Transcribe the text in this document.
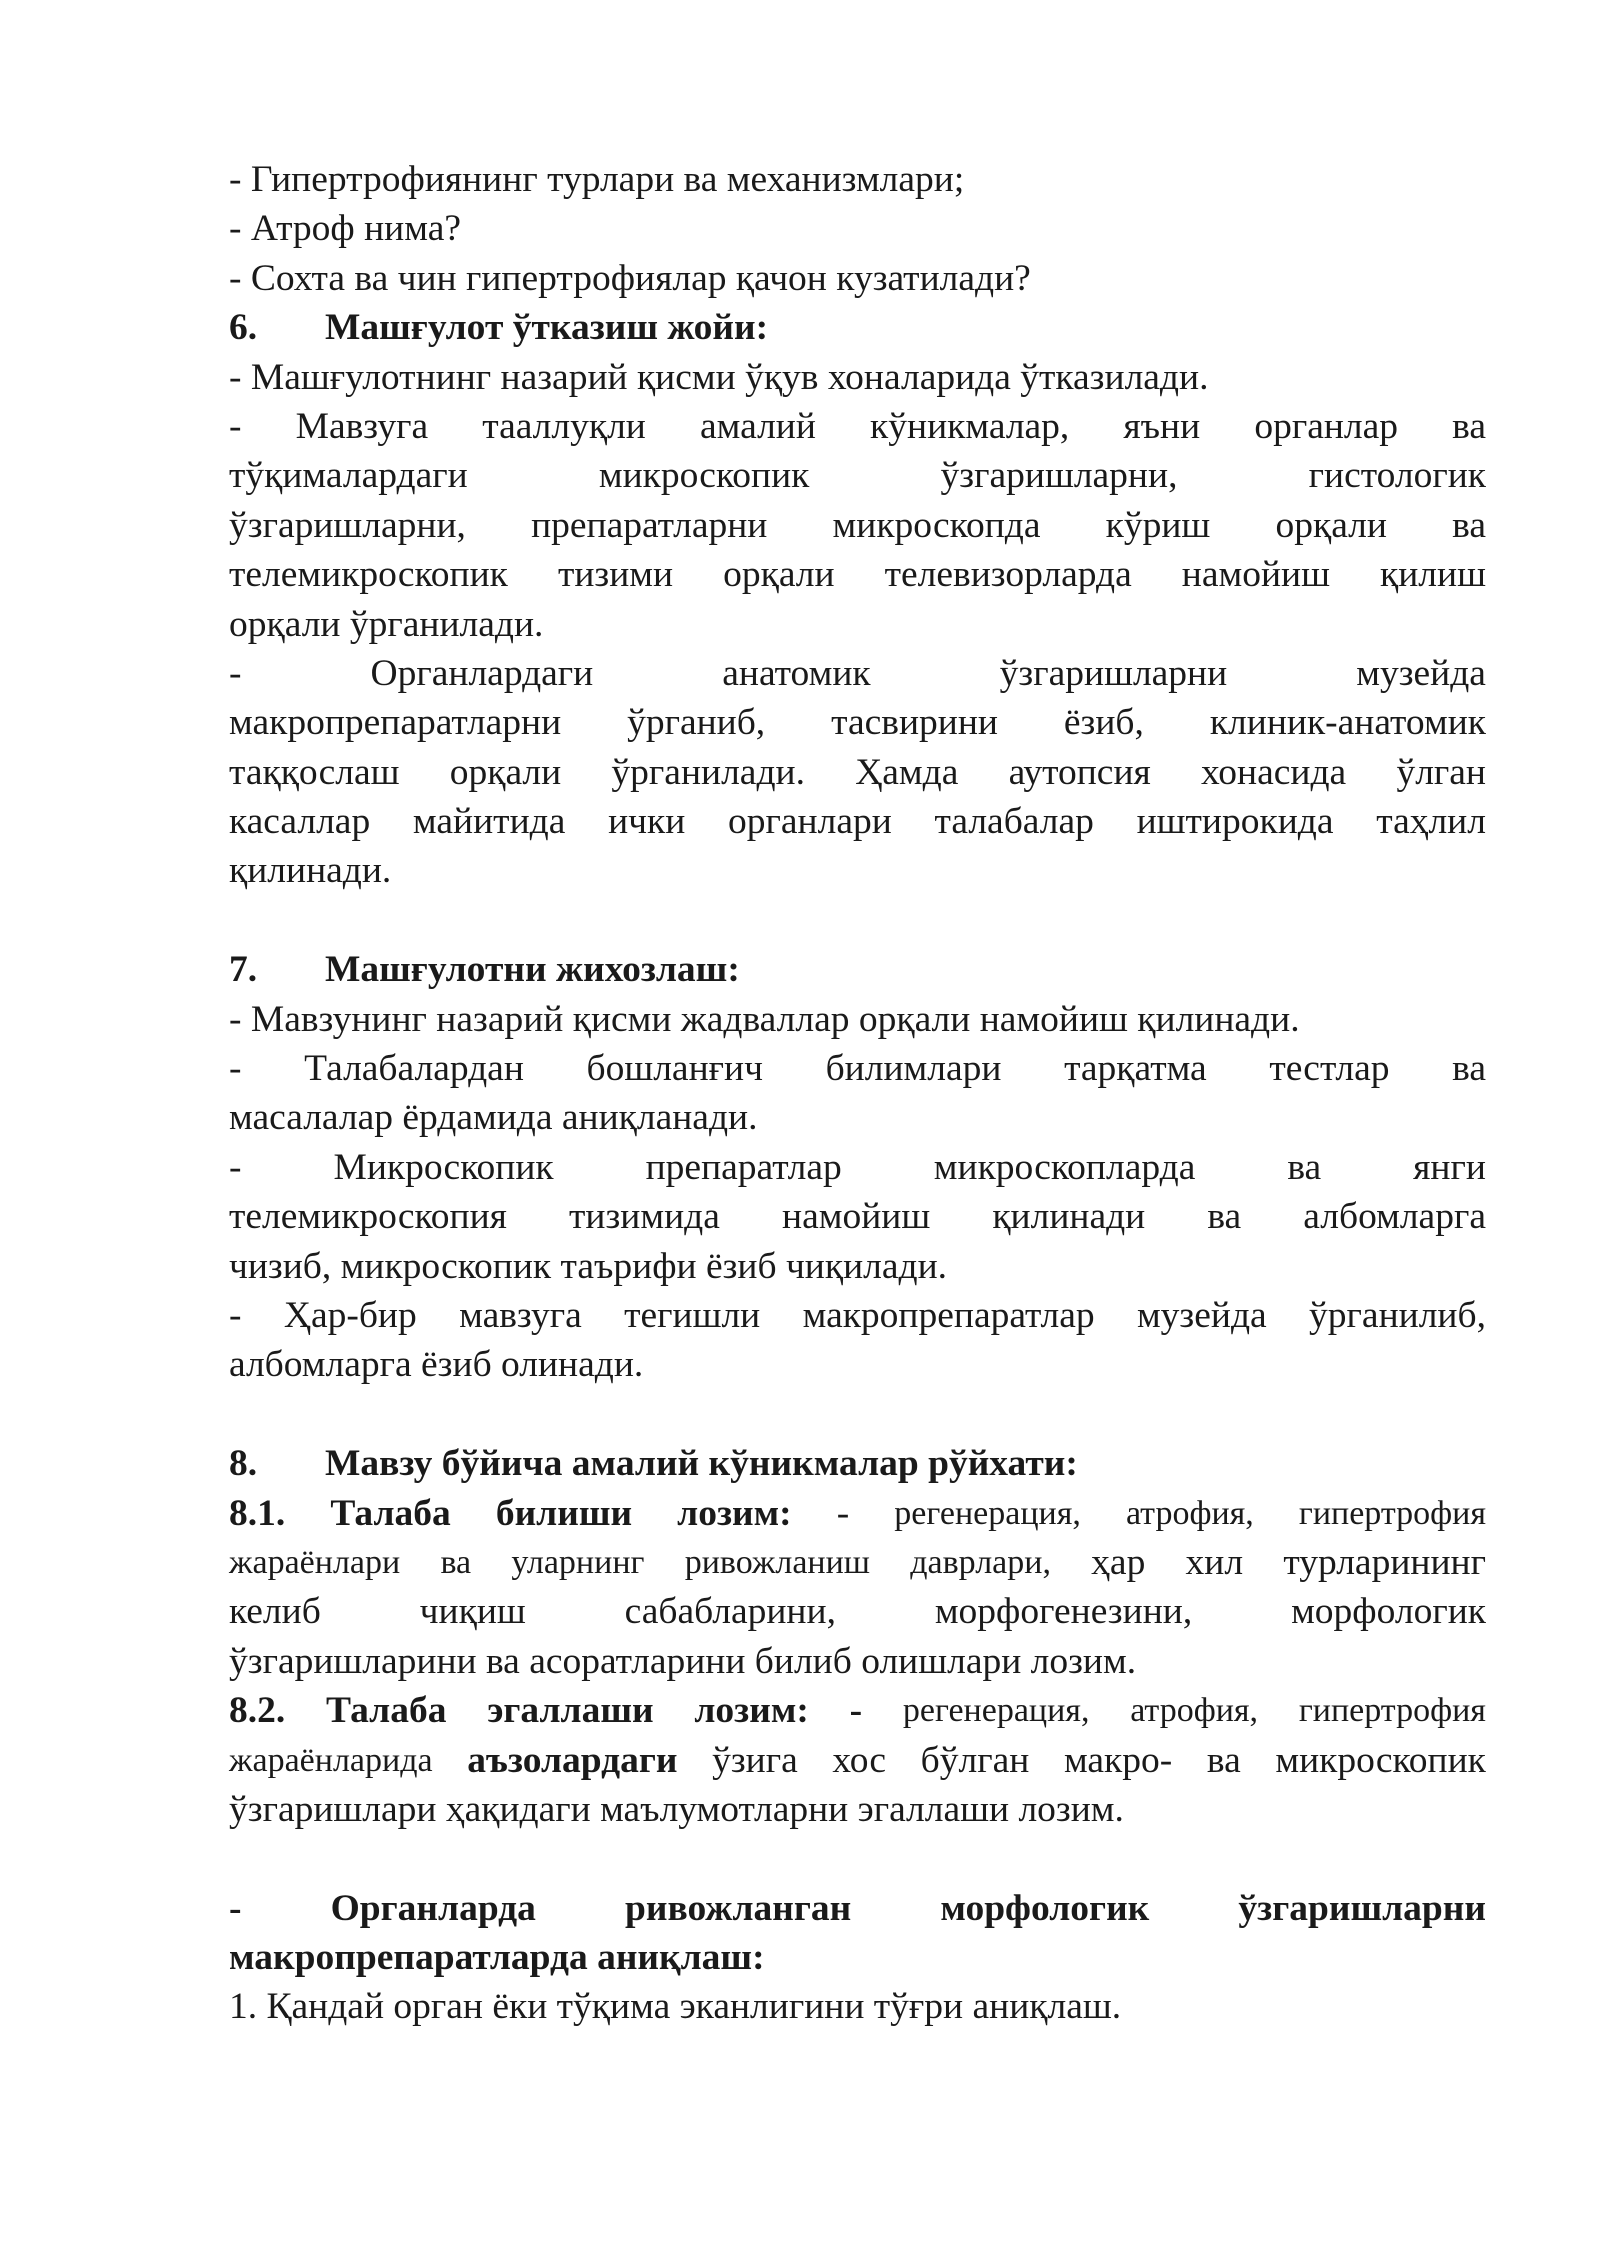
- Гипертрофиянинг турлари ва механизмлари;
- Атроф нима?
- Сохта ва чин гипертрофиялар қачон кузатилади?
6. Машғулот ўтказиш жойи:
- Машғулотнинг назарий қисми ўқув хоналарида ўтказилади.
- Мавзуга тааллуқли амалий кўникмалар, яъни органлар ва
тўқималардаги	микроскопик	ўзгаришларни,	гистологик
ўзгаришларни, препаратларни микроскопда кўриш орқали ва
телемикроскопик тизими орқали телевизорларда намойиш қилиш
орқали ўрганилади.
-	Органлардаги	анатомик	ўзгаришларни	музейда
макропрепаратларни ўрганиб, тасвирини ёзиб, клиник-анатомик
таққослаш орқали ўрганилади. Ҳамда аутопсия хонасида ўлган
касаллар майитида ички органлари талабалар иштирокида таҳлил
қилинади.
7. Машғулотни жихозлаш:
- Мавзунинг назарий қисми жадваллар орқали намойиш қилинади.
- Талабалардан бошланғич билимлари тарқатма тестлар ва
масалалар ёрдамида аниқланади.
- Микроскопик препаратлар микроскопларда ва янги
телемикроскопия тизимида намойиш қилинади ва албомларга
чизиб, микроскопик таърифи ёзиб чиқилади.
- Ҳар-бир мавзуга тегишли макропрепаратлар музейда ўрганилиб,
албомларга ёзиб олинади.
8. Мавзу бўйича амалий кўникмалар рўйхати:
8.1. Талаба билиши лозим: - регенерация, атрофия, гипертрофия
жараёнлари ва уларнинг ривожланиш даврлари, ҳар хил турларининг
келиб	чиқиш	сабабларини,	морфогенезини,	морфологик
ўзгаришларини ва асоратларини билиб олишлари лозим.
8.2. Талаба эгаллаши лозим: - регенерация, атрофия, гипертрофия
жараёнларида аъзолардаги ўзига хос бўлган макро- ва микроскопик
ўзгаришлари ҳақидаги маълумотларни эгаллаши лозим.
- Органларда ривожланган морфологик ўзгаришларни
макропрепаратларда аниқлаш:
1. Қандай орган ёки тўқима эканлигини тўғри аниқлаш.
